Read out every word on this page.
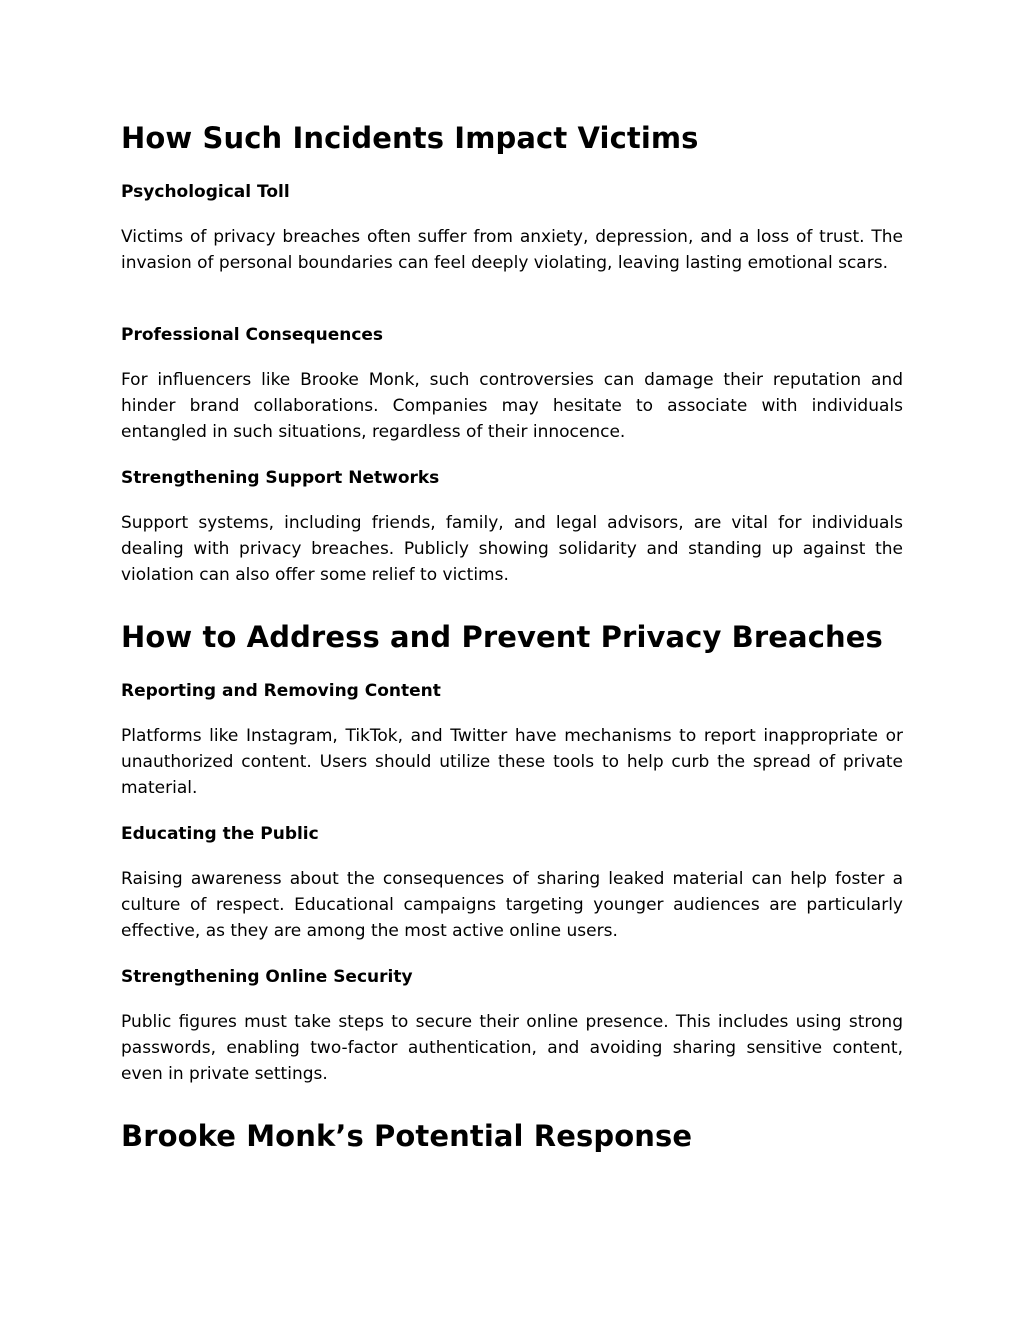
How Such Incidents Impact Victims
Psychological Toll

Victims of privacy breaches often suffer from anxiety, depression, and a loss of trust. The invasion of personal boundaries can feel deeply violating, leaving lasting emotional scars.

Professional Consequences

For influencers like Brooke Monk, such controversies can damage their reputation and hinder brand collaborations. Companies may hesitate to associate with individuals entangled in such situations, regardless of their innocence.

Strengthening Support Networks

Support systems, including friends, family, and legal advisors, are vital for individuals dealing with privacy breaches. Publicly showing solidarity and standing up against the violation can also offer some relief to victims.

How to Address and Prevent Privacy Breaches
Reporting and Removing Content

Platforms like Instagram, TikTok, and Twitter have mechanisms to report inappropriate or unauthorized content. Users should utilize these tools to help curb the spread of private material.

Educating the Public

Raising awareness about the consequences of sharing leaked material can help foster a culture of respect. Educational campaigns targeting younger audiences are particularly effective, as they are among the most active online users.

Strengthening Online Security

Public figures must take steps to secure their online presence. This includes using strong passwords, enabling two-factor authentication, and avoiding sharing sensitive content, even in private settings.

Brooke Monk’s Potential Response
